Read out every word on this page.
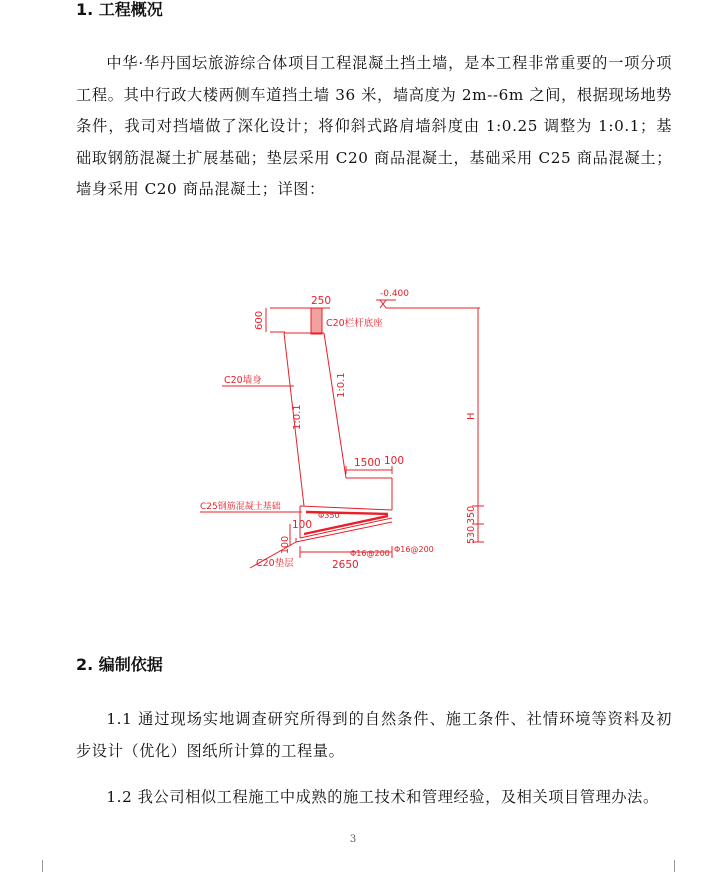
1. 工程概况

中华·华丹国坛旅游综合体项目工程混凝土挡土墙，是本工程非常重要的一项分项工程。其中行政大楼两侧车道挡土墙 36 米，墙高度为 2m--6m 之间，根据现场地势条件，我司对挡墙做了深化设计；将仰斜式路肩墙斜度由 1:0.25 调整为 1:0.1；基础取钢筋混凝土扩展基础；垫层采用 C20 商品混凝土，基础采用 C25 商品混凝土；墙身采用 C20 商品混凝土；详图：

250
-0.400
600	C20栏杆底座
C20墙身
1:0.1
1:0.1
H
1500 100
C25钢筋混凝土基础	350
530
Φ350
Φ16@200 Φ16@200
100
100
2650
C20垫层
2. 编制依据

1.1 通过现场实地调查研究所得到的自然条件、施工条件、社情环境等资料及初步设计（优化）图纸所计算的工程量。

1.2 我公司相似工程施工中成熟的施工技术和管理经验，及相关项目管理办法。

3
